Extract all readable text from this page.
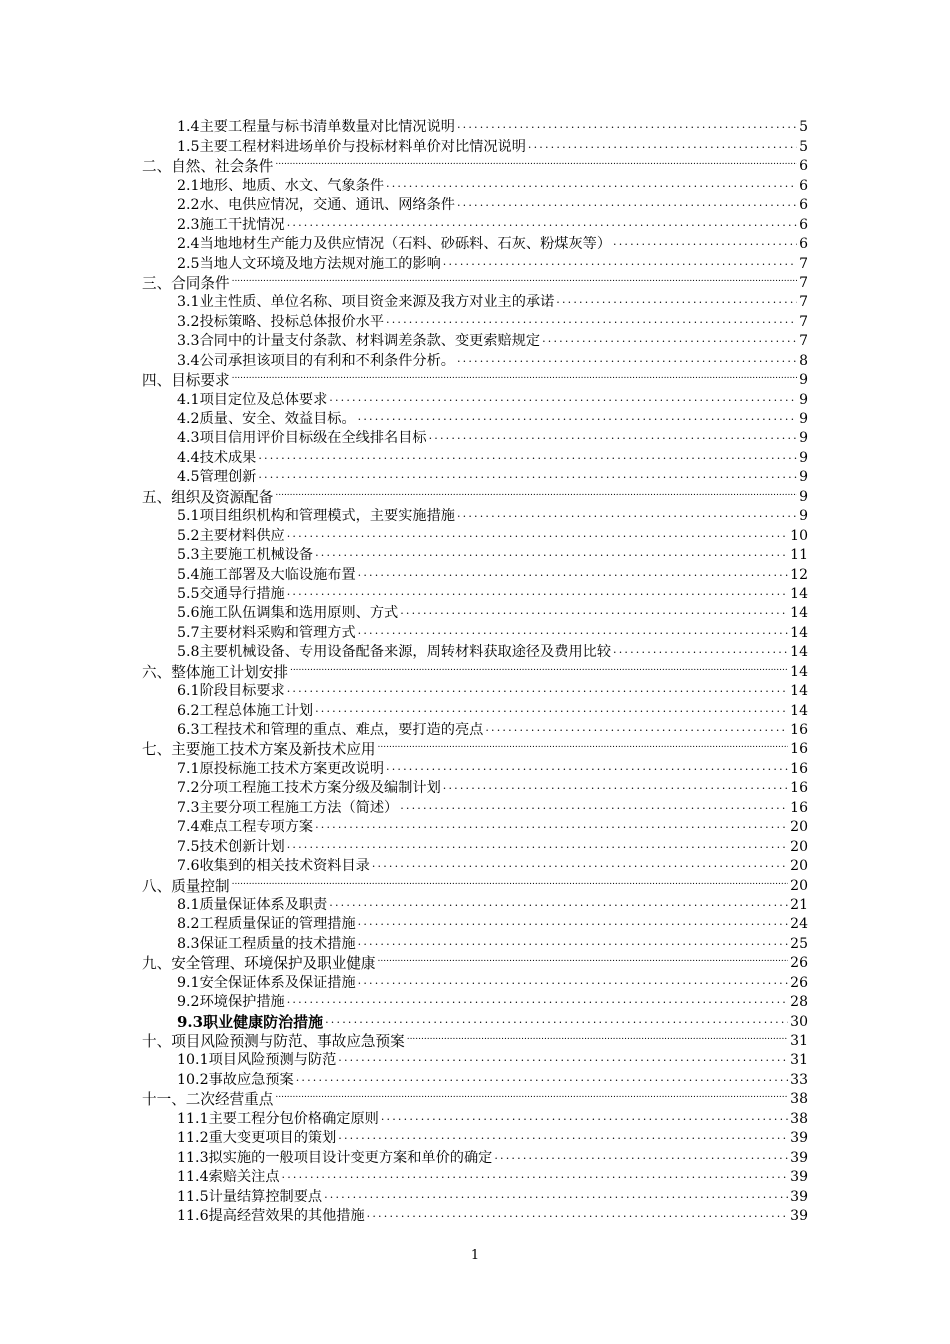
1.4主要工程量与标书清单数量对比情况说明 .....	5
1.5主要工程材料进场单价与投标材料单价对比情况说明 .....	5
二、自然、社会条件 .....	6
2.1地形、地质、水文、气象条件 .....	6
2.2水、电供应情况，交通、通讯、网络条件 .....	6
2.3施工干扰情况 .....	6
2.4当地地材生产能力及供应情况（石料、砂砾料、石灰、粉煤灰等） .....	6
2.5当地人文环境及地方法规对施工的影响 .....	7
三、合同条件 .....	7
3.1业主性质、单位名称、项目资金来源及我方对业主的承诺 .....	7
3.2投标策略、投标总体报价水平 .....	7
3.3合同中的计量支付条款、材料调差条款、变更索赔规定 .....	7
3.4公司承担该项目的有利和不利条件分析。 .....	8
四、目标要求 .....	9
4.1项目定位及总体要求 .....	9
4.2质量、安全、效益目标。 .....	9
4.3项目信用评价目标级在全线排名目标 .....	9
4.4技术成果 .....	9
4.5管理创新 .....	9
五、组织及资源配备 .....	9
5.1项目组织机构和管理模式，主要实施措施 .....	9
5.2主要材料供应 .....	10
5.3主要施工机械设备 .....	11
5.4施工部署及大临设施布置 .....	12
5.5交通导行措施 .....	14
5.6施工队伍调集和选用原则、方式 .....	14
5.7主要材料采购和管理方式 .....	14
5.8主要机械设备、专用设备配备来源，周转材料获取途径及费用比较 .....	14
六、整体施工计划安排 .....	14
6.1阶段目标要求 .....	14
6.2工程总体施工计划 .....	14
6.3工程技术和管理的重点、难点，要打造的亮点 .....	16
七、主要施工技术方案及新技术应用 .....	16
7.1原投标施工技术方案更改说明 .....	16
7.2分项工程施工技术方案分级及编制计划 .....	16
7.3主要分项工程施工方法（简述） .....	16
7.4难点工程专项方案 .....	20
7.5技术创新计划 .....	20
7.6收集到的相关技术资料目录 .....	20
八、质量控制 .....	20
8.1质量保证体系及职责 .....	21
8.2工程质量保证的管理措施 .....	24
8.3保证工程质量的技术措施 .....	25
九、安全管理、环境保护及职业健康 .....	26
9.1安全保证体系及保证措施 .....	26
9.2环境保护措施 .....	28
9.3职业健康防治措施 .....	30
十、项目风险预测与防范、事故应急预案 .....	31
10.1项目风险预测与防范 .....	31
10.2事故应急预案 .....	33
十一、二次经营重点 .....	38
11.1主要工程分包价格确定原则 .....	38
11.2重大变更项目的策划 .....	39
11.3拟实施的一般项目设计变更方案和单价的确定 .....	39
11.4索赔关注点 .....	39
11.5计量结算控制要点 .....	39
11.6提高经营效果的其他措施 .....	39
1
